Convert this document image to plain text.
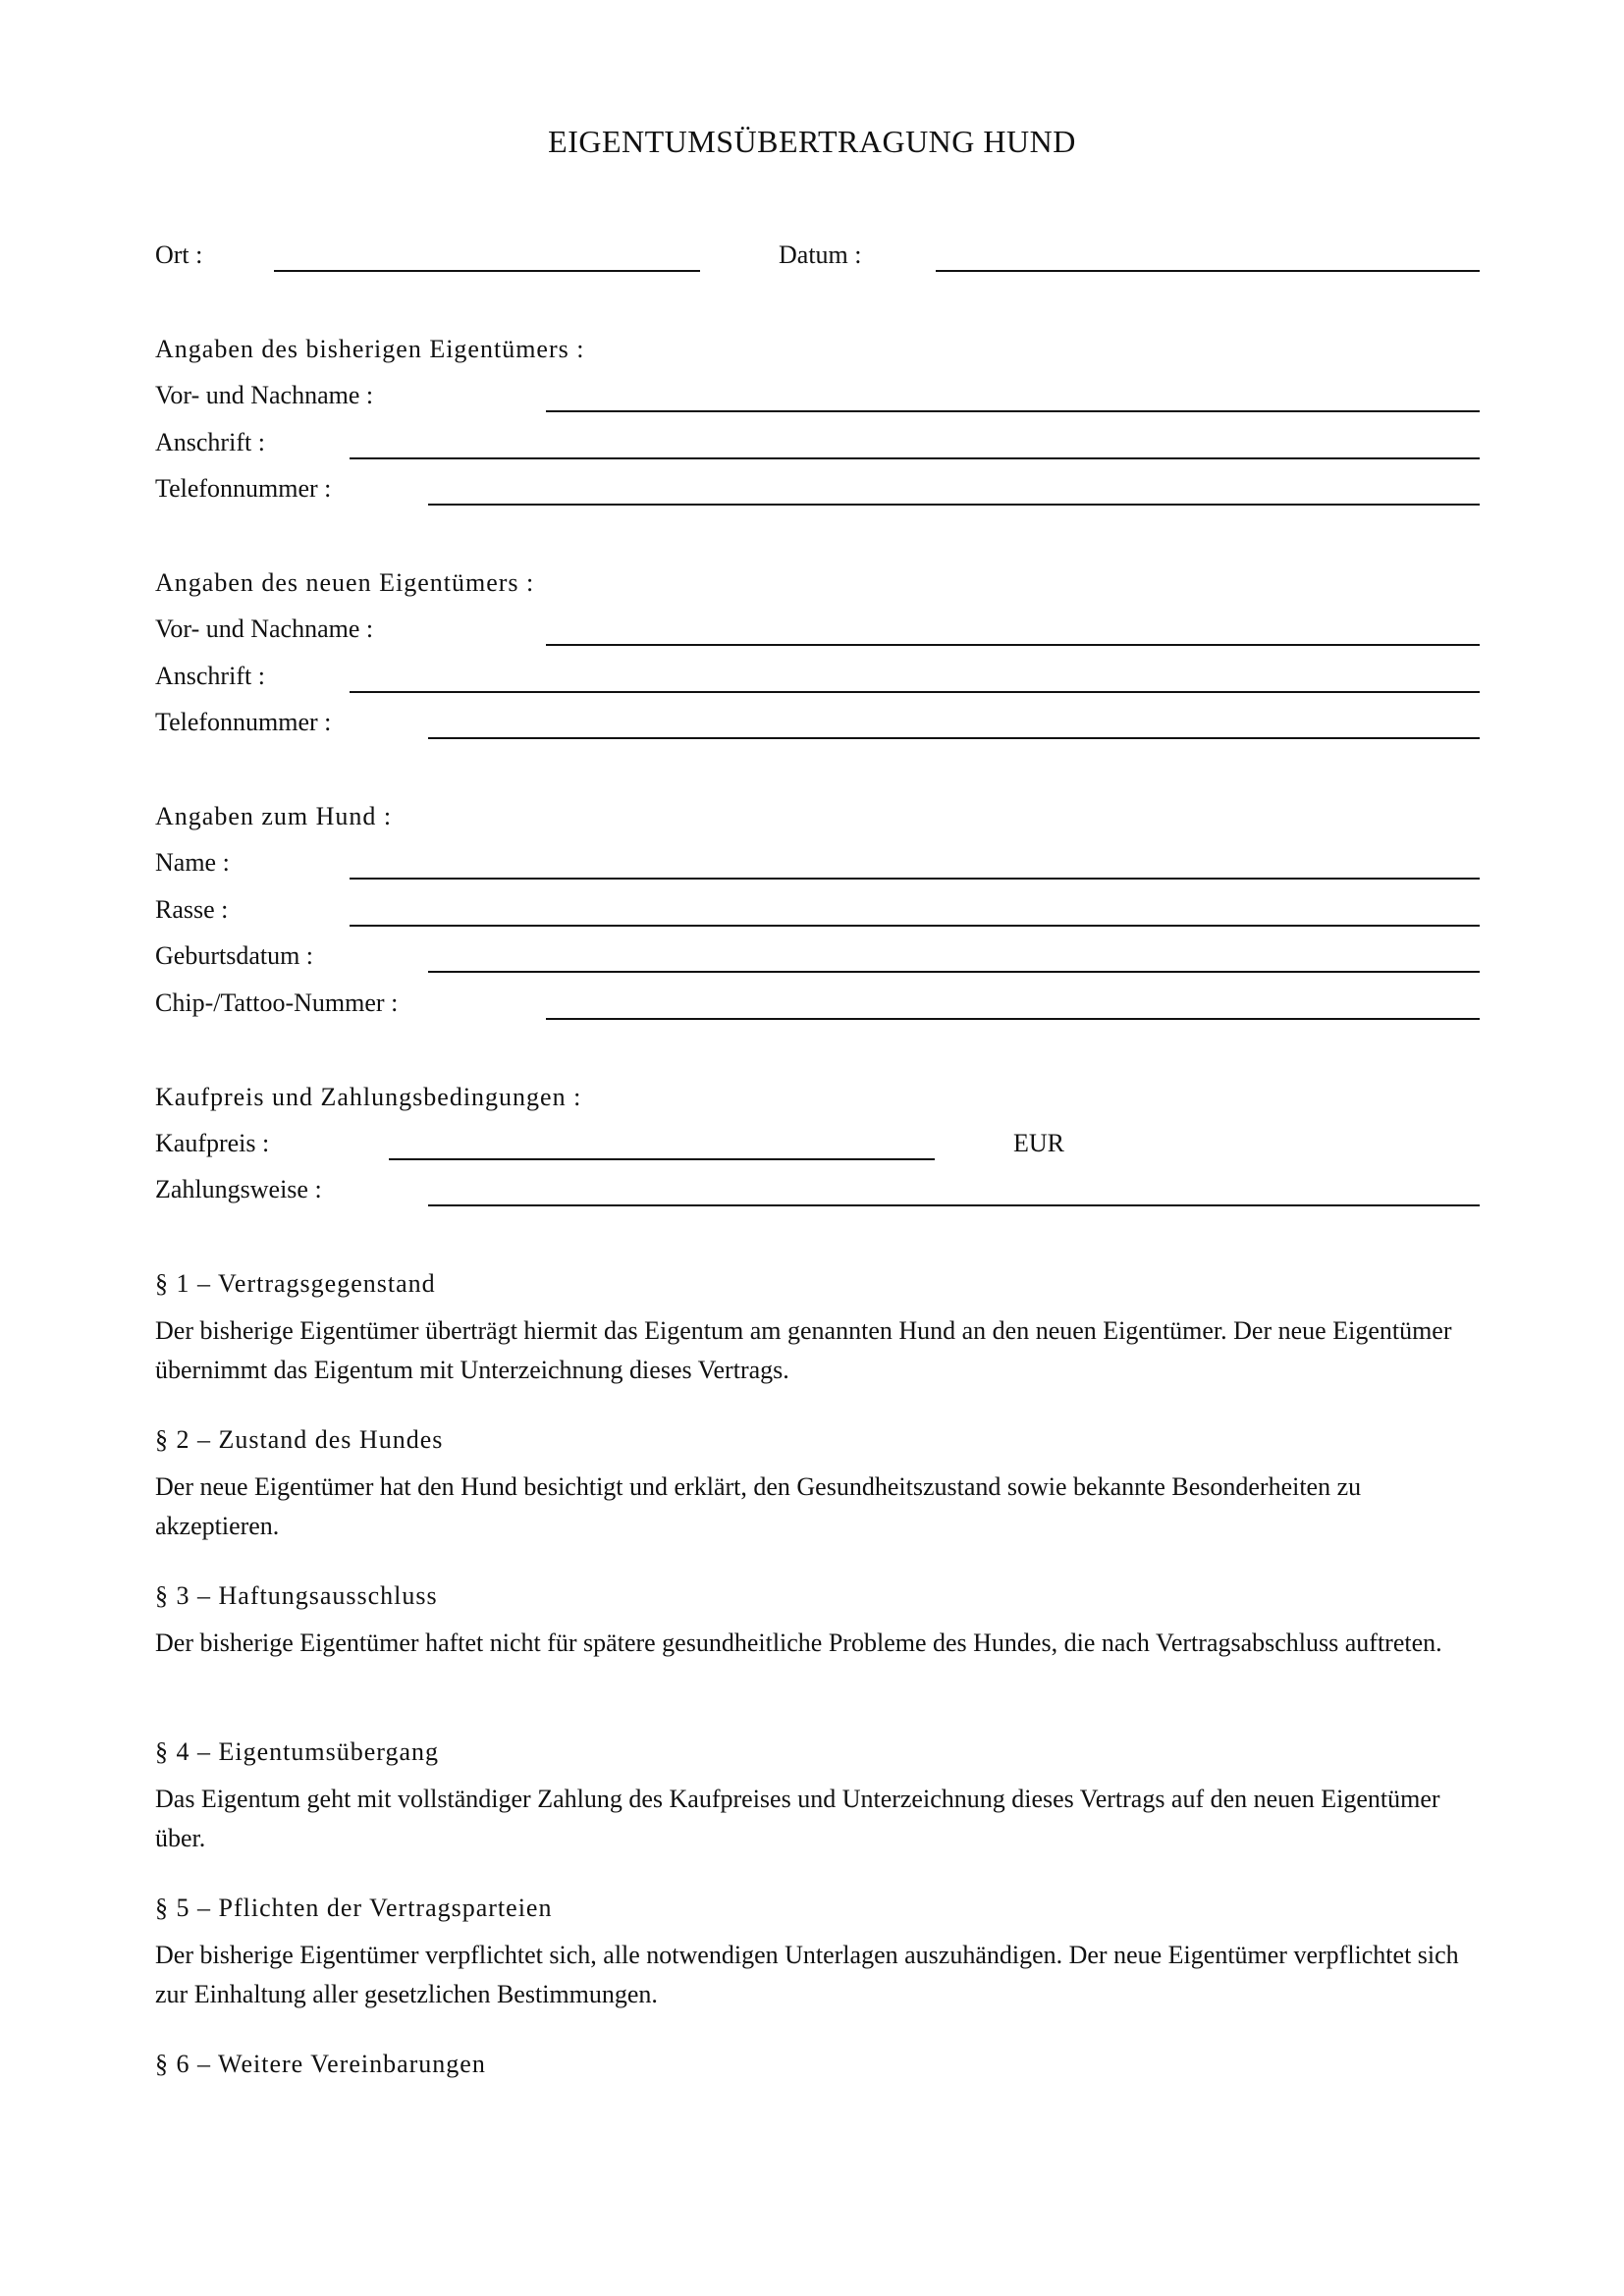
EIGENTUMSÜBERTRAGUNG HUND
Ort :	Datum :
Angaben des bisherigen Eigentümers :
Vor- und Nachname :
Anschrift :
Telefonnummer :
Angaben des neuen Eigentümers :
Vor- und Nachname :
Anschrift :
Telefonnummer :
Angaben zum Hund :
Name :
Rasse :
Geburtsdatum :
Chip-/Tattoo-Nummer :
Kaufpreis und Zahlungsbedingungen :
Kaufpreis :	EUR
Zahlungsweise :
§ 1 – Vertragsgegenstand
Der bisherige Eigentümer überträgt hiermit das Eigentum am genannten Hund an den neuen Eigentümer. Der neue Eigentümer übernimmt das Eigentum mit Unterzeichnung dieses Vertrags.
§ 2 – Zustand des Hundes
Der neue Eigentümer hat den Hund besichtigt und erklärt, den Gesundheitszustand sowie bekannte Besonderheiten zu akzeptieren.
§ 3 – Haftungsausschluss
Der bisherige Eigentümer haftet nicht für spätere gesundheitliche Probleme des Hundes, die nach Vertragsabschluss auftreten.
§ 4 – Eigentumsübergang
Das Eigentum geht mit vollständiger Zahlung des Kaufpreises und Unterzeichnung dieses Vertrags auf den neuen Eigentümer über.
§ 5 – Pflichten der Vertragsparteien
Der bisherige Eigentümer verpflichtet sich, alle notwendigen Unterlagen auszuhändigen. Der neue Eigentümer verpflichtet sich zur Einhaltung aller gesetzlichen Bestimmungen.
§ 6 – Weitere Vereinbarungen
